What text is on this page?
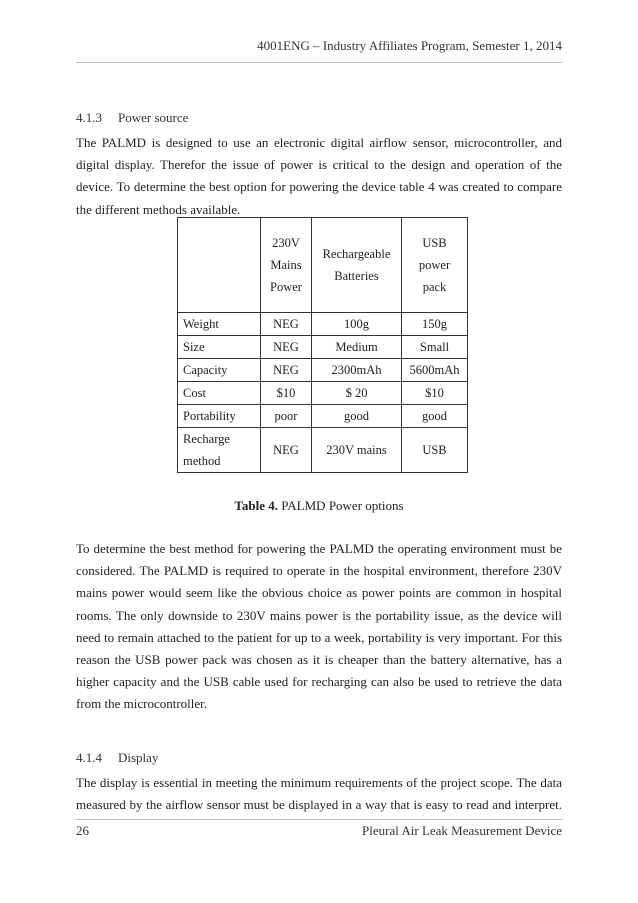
4001ENG – Industry Affiliates Program, Semester 1, 2014
4.1.3 Power source
The PALMD is designed to use an electronic digital airflow sensor, microcontroller, and
digital display. Therefor the issue of power is critical to the design and operation of the
device. To determine the best option for powering the device table 4 was created to compare
the different methods available.
	230V
Mains
Power	Rechargeable
Batteries	USB
power
pack
Weight	NEG	100g	150g
Size	NEG	Medium	Small
Capacity	NEG	2300mAh	5600mAh
Cost	$10	$ 20	$10
Portability	poor	good	good
Recharge
method	NEG	230V mains	USB
Table 4. PALMD Power options
To determine the best method for powering the PALMD the operating environment must be
considered. The PALMD is required to operate in the hospital environment, therefore 230V
mains power would seem like the obvious choice as power points are common in hospital
rooms. The only downside to 230V mains power is the portability issue, as the device will
need to remain attached to the patient for up to a week, portability is very important. For this
reason the USB power pack was chosen as it is cheaper than the battery alternative, has a
higher capacity and the USB cable used for recharging can also be used to retrieve the data
from the microcontroller.
4.1.4 Display
The display is essential in meeting the minimum requirements of the project scope. The data
measured by the airflow sensor must be displayed in a way that is easy to read and interpret.
26	Pleural Air Leak Measurement Device
